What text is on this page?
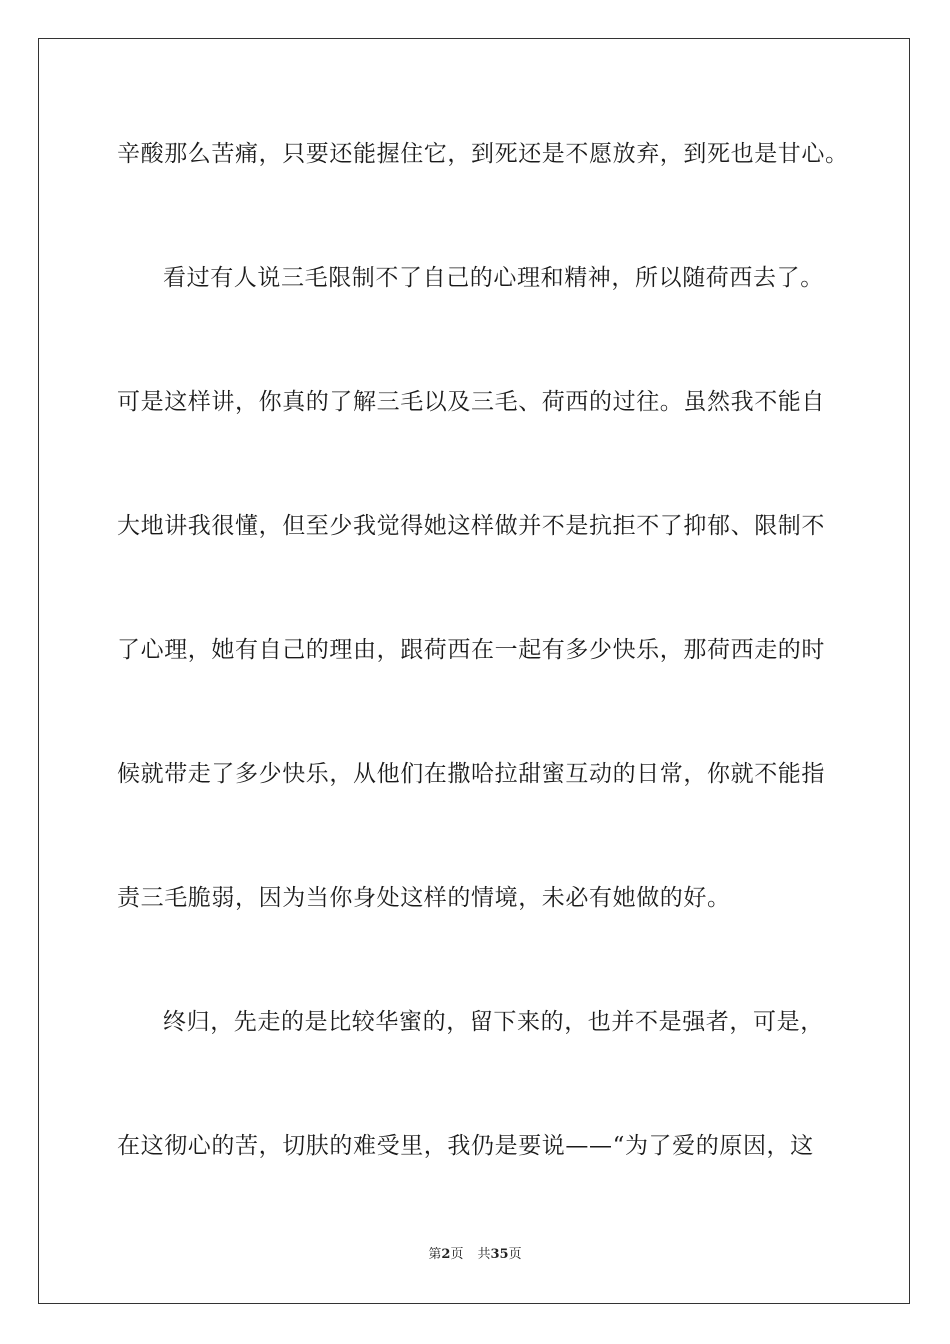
辛酸那么苦痛，只要还能握住它，到死还是不愿放弃，到死也是甘心。
看过有人说三毛限制不了自己的心理和精神，所以随荷西去了。
可是这样讲，你真的了解三毛以及三毛、荷西的过往。虽然我不能自
大地讲我很懂，但至少我觉得她这样做并不是抗拒不了抑郁、限制不
了心理，她有自己的理由，跟荷西在一起有多少快乐，那荷西走的时
候就带走了多少快乐，从他们在撒哈拉甜蜜互动的日常，你就不能指
责三毛脆弱，因为当你身处这样的情境，未必有她做的好。
终归，先走的是比较华蜜的，留下来的，也并不是强者，可是，
在这彻心的苦，切肤的难受里，我仍是要说——“为了爱的原因，这
第2页 共35页
